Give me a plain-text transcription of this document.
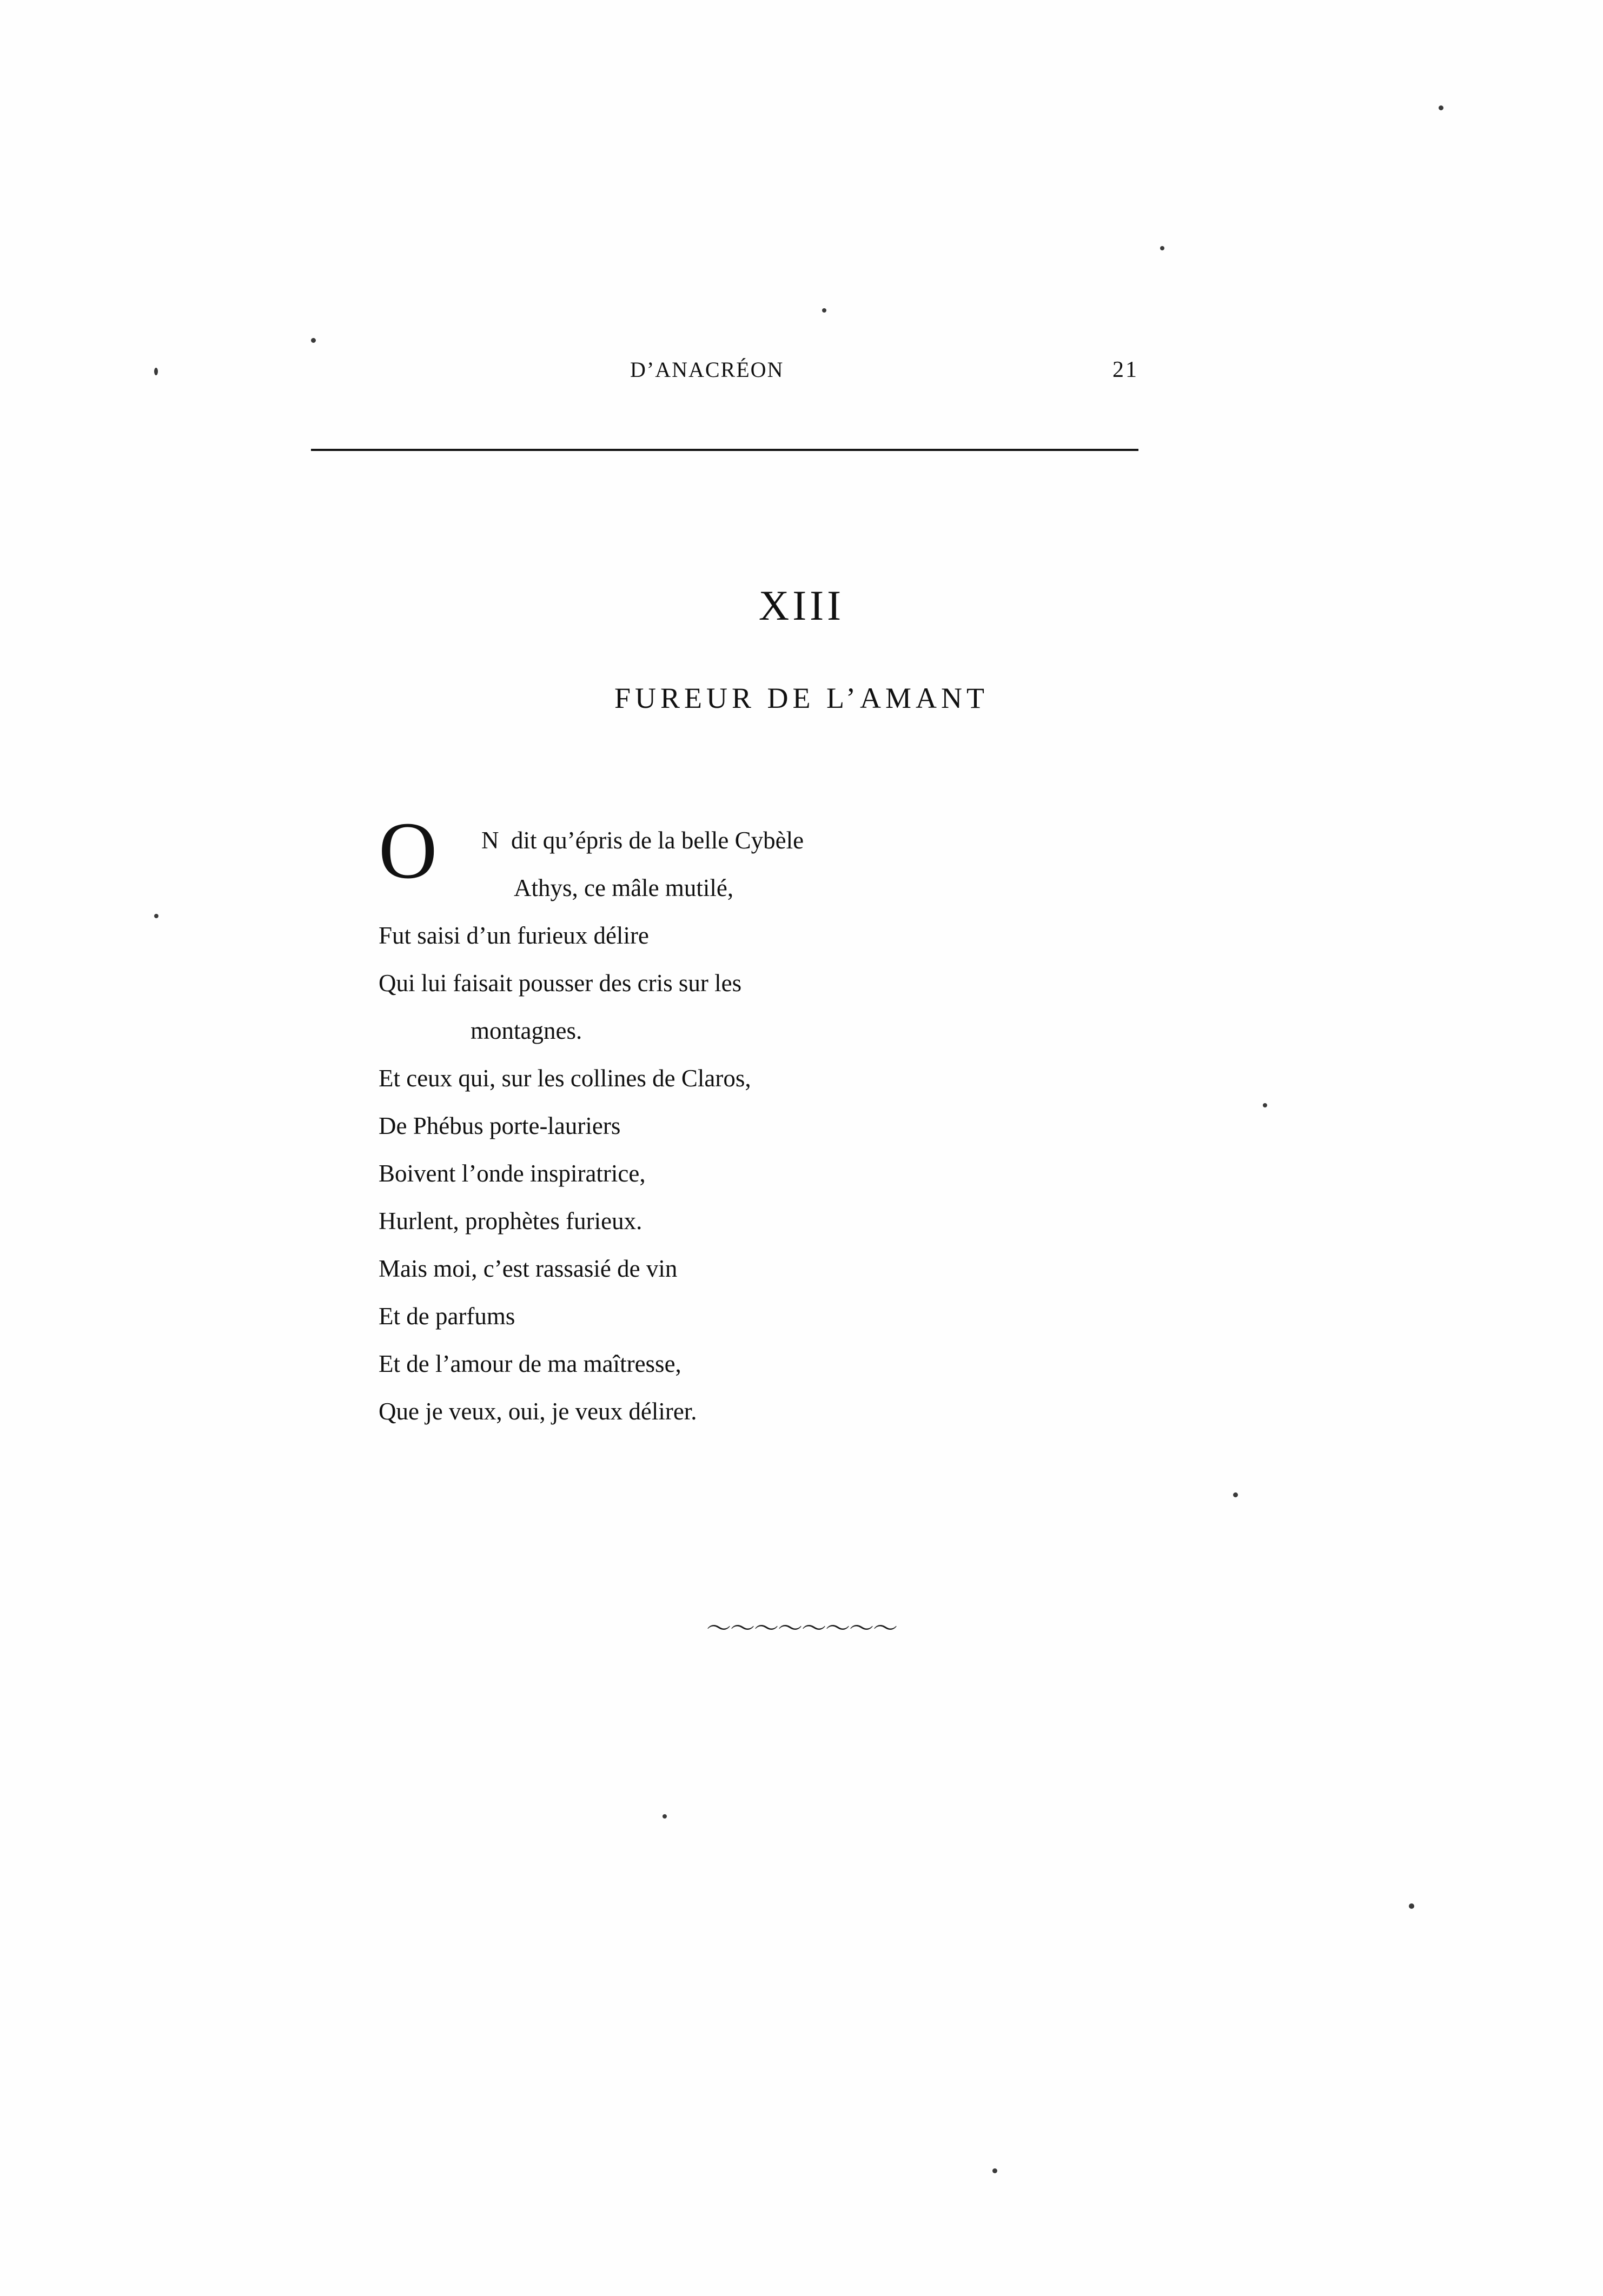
D’ANACRÉON	21
XIII
FUREUR DE L’AMANT
O N  dit qu’épris de la belle Cybèle
Athys, ce mâle mutilé,
Fut saisi d’un furieux délire
Qui lui faisait pousser des cris sur les
montagnes.
Et ceux qui, sur les collines de Claros,
De Phébus porte-lauriers
Boivent l’onde inspiratrice,
Hurlent, prophètes furieux.
Mais moi, c’est rassasié de vin
Et de parfums
Et de l’amour de ma maîtresse,
Que je veux, oui, je veux délirer.
〜〜〜〜〜〜〜〜
